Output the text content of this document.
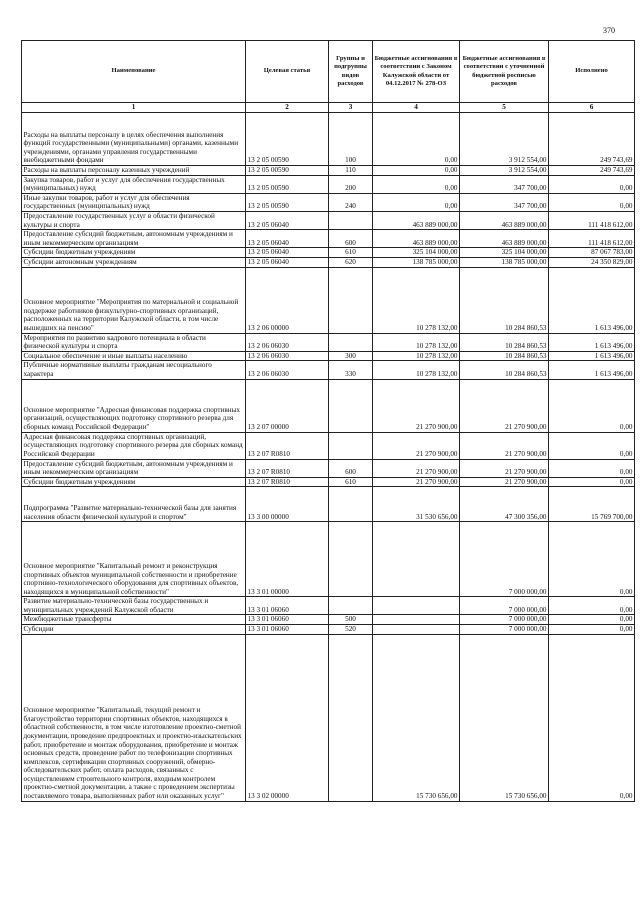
370
Наименование	Целевая статья	Группы и подгруппы видов расходов	Бюджетные ассигнования в соответствии с Законом Калужской области от 04.12.2017 № 278-ОЗ	Бюджетные ассигнования в соответствии с уточненной бюджетной росписью расходов	Исполнено
1	2	3	4	5	6
Расходы на выплаты персоналу в целях обеспечения выполнения функций государственными (муниципальными) органами, казенными учреждениями, органами управления государственными внебюджетными фондами	13 2 05 00590	100	0,00	3 912 554,00	249 743,69
Расходы на выплаты персоналу казенных учреждений	13 2 05 00590	110	0,00	3 912 554,00	249 743,69
Закупка товаров, работ и услуг для обеспечения государственных (муниципальных) нужд	13 2 05 00590	200	0,00	347 700,00	0,00
Иные закупки товаров, работ и услуг для обеспечения государственных (муниципальных) нужд	13 2 05 00590	240	0,00	347 700,00	0,00
Предоставление государственных услуг в области физической культуры и спорта	13 2 05 06040		463 889 000,00	463 889 000,00	111 418 612,00
Предоставление субсидий бюджетным, автономным учреждениям и иным некоммерческим организациям	13 2 05 06040	600	463 889 000,00	463 889 000,00	111 418 612,00
Субсидии бюджетным учреждениям	13 2 05 06040	610	325 104 000,00	325 104 000,00	87 067 783,00
Субсидии автономным учреждениям	13 2 05 06040	620	138 785 000,00	138 785 000,00	24 350 829,00
Основное мероприятие "Мероприятия по материальной и социальной поддержке работников физкультурно-спортивных организаций, расположенных на территории Калужской области, в том числе вышедших на пенсию"	13 2 06 00000		10 278 132,00	10 284 860,53	1 613 496,00
Мероприятия по развитию кадрового потенциала в области физической культуры и спорта	13 2 06 06030		10 278 132,00	10 284 860,53	1 613 496,00
Социальное обеспечение и иные выплаты населению	13 2 06 06030	300	10 278 132,00	10 284 860,53	1 613 496,00
Публичные нормативные выплаты гражданам несоциального характера	13 2 06 06030	330	10 278 132,00	10 284 860,53	1 613 496,00
Основное мероприятие "Адресная финансовая поддержка спортивных организаций, осуществляющих подготовку спортивного резерва для сборных команд Российской Федерации"	13 2 07 00000		21 270 900,00	21 270 900,00	0,00
Адресная финансовая поддержка спортивных организаций, осуществляющих подготовку спортивного резерва для сборных команд Российской Федерации	13 2 07 R0810		21 270 900,00	21 270 900,00	0,00
Предоставление субсидий бюджетным, автономным учреждениям и иным некоммерческим организациям	13 2 07 R0810	600	21 270 900,00	21 270 900,00	0,00
Субсидии бюджетным учреждениям	13 2 07 R0810	610	21 270 900,00	21 270 900,00	0,00
Подпрограмма "Развитие материально-технической базы для занятия населения области физической культурой и спортом"	13 3 00 00000		31 530 656,00	47 300 356,00	15 769 700,00
Основное мероприятие "Капитальный ремонт и реконструкция спортивных объектов муниципальной собственности и приобретение спортивно-технологического оборудования для спортивных объектов, находящихся в муниципальной собственности"	13 3 01 00000			7 000 000,00	0,00
Развитие материально-технической базы государственных и муниципальных учреждений Калужской области	13 3 01 06060			7 000 000,00	0,00
Межбюджетные трансферты	13 3 01 06060	500		7 000 000,00	0,00
Субсидии	13 3 01 06060	520		7 000 000,00	0,00
Основное мероприятие "Капитальный, текущий ремонт и благоустройство территории спортивных объектов, находящихся в областной собственности, в том числе изготовление проектно-сметной документации, проведение предпроектных и проектно-изыскательских работ, приобретение и монтаж оборудования, приобретение и монтаж основных средств, проведение работ по телефонизации спортивных комплексов, сертификации спортивных сооружений, обмерно-обследовательских работ, оплата расходов, связанных с осуществлением строительного контроля, входным контролем проектно-сметной документации, а также с проведением экспертизы поставляемого товара, выполненных работ или оказанных услуг"	13 3 02 00000		15 730 656,00	15 730 656,00	0,00
